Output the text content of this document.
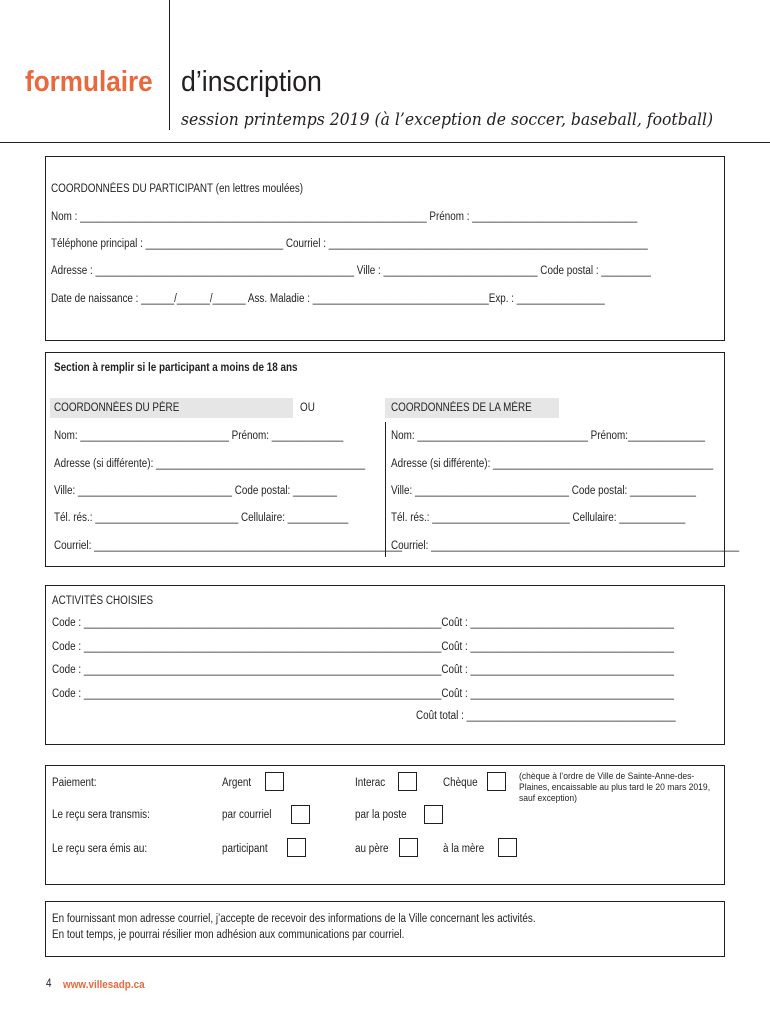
formulaire d’inscription
session printemps 2019 (à l’exception de soccer, baseball, football)
COORDONNÉES DU PARTICIPANT (en lettres moulées)
Nom : _______________________________________________________________ Prénom : ______________________________
Téléphone principal : _________________________ Courriel : __________________________________________________________
Adresse : _______________________________________________ Ville : ____________________________ Code postal : _________
Date de naissance : ______/______/______ Ass. Maladie : ________________________________Exp. : ________________
Section à remplir si le participant a moins de 18 ans
COORDONNÉES DU PÈRE	OU	COORDONNÉES DE LA MÈRE
Nom: ___________________________ Prénom: _____________
Adresse (si différente): ______________________________________
Ville: ____________________________ Code postal: ________
Tél. rés.: __________________________ Cellulaire: ___________
Courriel: ________________________________________________________
Nom: _______________________________ Prénom:______________
Adresse (si différente): ________________________________________
Ville: ____________________________ Code postal: ____________
Tél. rés.: _________________________ Cellulaire: ____________
Courriel: ________________________________________________________
ACTIVITÉS CHOISIES
Code : _________________________________________________________________Coût : _____________________________________
Code : _________________________________________________________________Coût : _____________________________________
Code : _________________________________________________________________Coût : _____________________________________
Code : _________________________________________________________________Coût : _____________________________________
Coût total : ______________________________________
Paiement:	Argent	Interac	Chèque
(chèque à l’ordre de Ville de Sainte-Anne-des-Plaines, encaissable au plus tard le 20 mars 2019, sauf exception)
Le reçu sera transmis:	par courriel	par la poste
Le reçu sera émis au:	participant	au père	à la mère
En fournissant mon adresse courriel, j’accepte de recevoir des informations de la Ville concernant les activités.
En tout temps, je pourrai résilier mon adhésion aux communications par courriel.
4 www.villesadp.ca
